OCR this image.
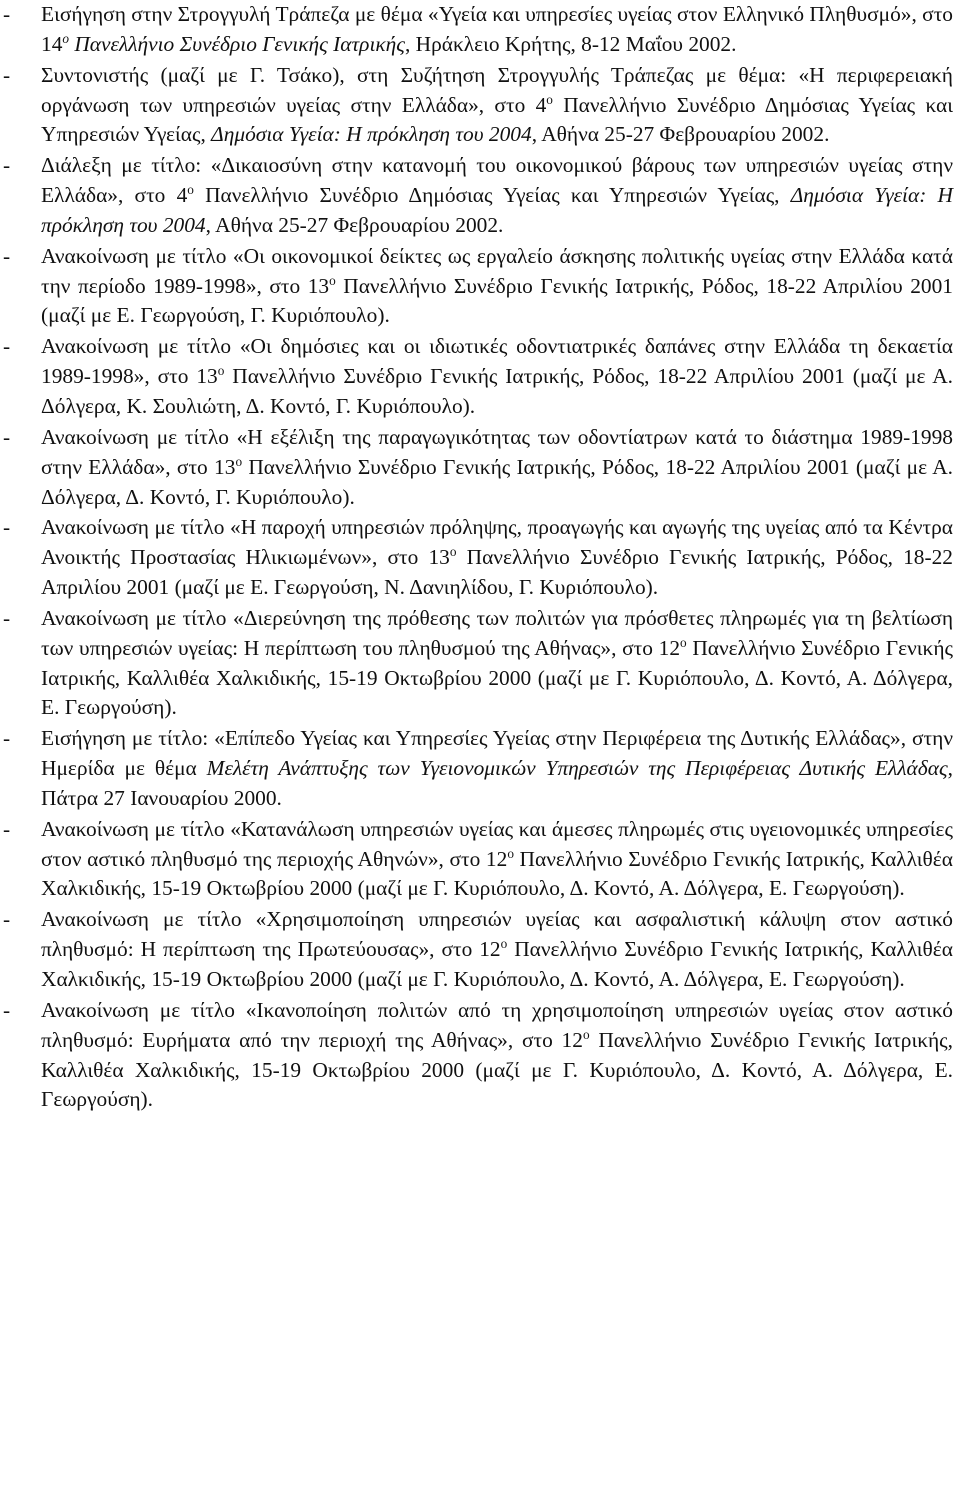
- Εισήγηση στην Στρογγυλή Τράπεζα με θέμα «Υγεία και υπηρεσίες υγείας στον Ελληνικό Πληθυσμό», στο $14^o$ Πανελλήνιο Συνέδριο Γενικής Ιατρικής, Ηράκλειο Κρήτης, 8-12 Μαΐου 2002.
- Συντονιστής (μαζί με Γ. Τσάκο), στη Συζήτηση Στρογγυλής Τράπεζας με θέμα: «Η περιφερειακή οργάνωση των υπηρεσιών υγείας στην Ελλάδα», στο $4^o$ Πανελλήνιο Συνέδριο Δημόσιας Υγείας και Υπηρεσιών Υγείας, Δημόσια Υγεία: Η πρόκληση του 2004, Αθήνα 25-27 Φεβρουαρίου 2002.
- Διάλεξη με τίτλο: «Δικαιοσύνη στην κατανομή του οικονομικού βάρους των υπηρεσιών υγείας στην Ελλάδα», στο $4^o$ Πανελλήνιο Συνέδριο Δημόσιας Υγείας και Υπηρεσιών Υγείας, Δημόσια Υγεία: Η πρόκληση του 2004, Αθήνα 25-27 Φεβρουαρίου 2002.
- Ανακοίνωση με τίτλο «Οι οικονομικοί δείκτες ως εργαλείο άσκησης πολιτικής υγείας στην Ελλάδα κατά την περίοδο 1989-1998», στο $13^o$ Πανελλήνιο Συνέδριο Γενικής Ιατρικής, Ρόδος, 18-22 Απριλίου 2001 (μαζί με Ε. Γεωργούση, Γ. Κυριόπουλο).
- Ανακοίνωση με τίτλο «Οι δημόσιες και οι ιδιωτικές οδοντιατρικές δαπάνες στην Ελλάδα τη δεκαετία 1989-1998», στο $13^o$ Πανελλήνιο Συνέδριο Γενικής Ιατρικής, Ρόδος, 18-22 Απριλίου 2001 (μαζί με Α. Δόλγερα, Κ. Σουλιώτη, Δ. Κοντό, Γ. Κυριόπουλο).
- Ανακοίνωση με τίτλο «Η εξέλιξη της παραγωγικότητας των οδοντίατρων κατά το διάστημα 1989-1998 στην Ελλάδα», στο $13^o$ Πανελλήνιο Συνέδριο Γενικής Ιατρικής, Ρόδος, 18-22 Απριλίου 2001 (μαζί με Α. Δόλγερα, Δ. Κοντό, Γ. Κυριόπουλο).
- Ανακοίνωση με τίτλο «Η παροχή υπηρεσιών πρόληψης, προαγωγής και αγωγής της υγείας από τα Κέντρα Ανοικτής Προστασίας Ηλικιωμένων», στο $13^o$ Πανελλήνιο Συνέδριο Γενικής Ιατρικής, Ρόδος, 18-22 Απριλίου 2001 (μαζί με Ε. Γεωργούση, Ν. Δανιηλίδου, Γ. Κυριόπουλο).
- Ανακοίνωση με τίτλο «Διερεύνηση της πρόθεσης των πολιτών για πρόσθετες πληρωμές για τη βελτίωση των υπηρεσιών υγείας: Η περίπτωση του πληθυσμού της Αθήνας», στο $12^o$ Πανελλήνιο Συνέδριο Γενικής Ιατρικής, Καλλιθέα Χαλκιδικής, 15-19 Οκτωβρίου 2000 (μαζί με Γ. Κυριόπουλο, Δ. Κοντό, Α. Δόλγερα, Ε. Γεωργούση).
- Εισήγηση με τίτλο: «Επίπεδο Υγείας και Υπηρεσίες Υγείας στην Περιφέρεια της Δυτικής Ελλάδας», στην Ημερίδα με θέμα Μελέτη Ανάπτυξης των Υγειονομικών Υπηρεσιών της Περιφέρειας Δυτικής Ελλάδας, Πάτρα 27 Ιανουαρίου 2000.
- Ανακοίνωση με τίτλο «Κατανάλωση υπηρεσιών υγείας και άμεσες πληρωμές στις υγειονομικές υπηρεσίες στον αστικό πληθυσμό της περιοχής Αθηνών», στο $12^o$ Πανελλήνιο Συνέδριο Γενικής Ιατρικής, Καλλιθέα Χαλκιδικής, 15-19 Οκτωβρίου 2000 (μαζί με Γ. Κυριόπουλο, Δ. Κοντό, Α. Δόλγερα, Ε. Γεωργούση).
- Ανακοίνωση με τίτλο «Χρησιμοποίηση υπηρεσιών υγείας και ασφαλιστική κάλυψη στον αστικό πληθυσμό: Η περίπτωση της Πρωτεύουσας», στο $12^o$ Πανελλήνιο Συνέδριο Γενικής Ιατρικής, Καλλιθέα Χαλκιδικής, 15-19 Οκτωβρίου 2000 (μαζί με Γ. Κυριόπουλο, Δ. Κοντό, Α. Δόλγερα, Ε. Γεωργούση).
- Ανακοίνωση με τίτλο «Ικανοποίηση πολιτών από τη χρησιμοποίηση υπηρεσιών υγείας στον αστικό πληθυσμό: Ευρήματα από την περιοχή της Αθήνας», στο $12^o$ Πανελλήνιο Συνέδριο Γενικής Ιατρικής, Καλλιθέα Χαλκιδικής, 15-19 Οκτωβρίου 2000 (μαζί με Γ. Κυριόπουλο, Δ. Κοντό, Α. Δόλγερα, Ε. Γεωργούση).
